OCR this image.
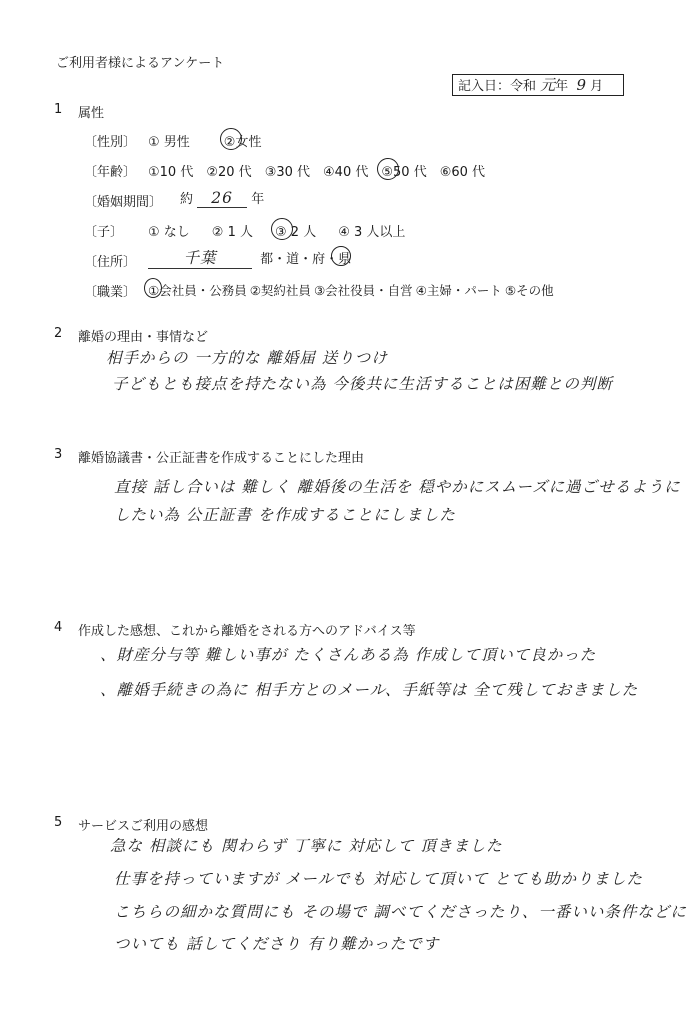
ご利用者様によるアンケート
記入日：令和 元年 9 月
1 属性
〔性別〕 ① 男性	②女性
〔年齢〕 ①10 代 ②20 代 ③30 代 ④40 代 ⑤50 代 ⑥60 代
〔婚姻期間〕 約 26 年
〔子〕 ① なし ② 1 人 ③ 2 人 ④ 3 人以上
〔住所〕	千葉	都・道・府・県
〔職業〕 ①会社員・公務員 ②契約社員 ③会社役員・自営 ④主婦・パート ⑤その他
2 離婚の理由・事情など
相手からの 一方的な 離婚届 送りつけ
子どもとも接点を持たない為 今後共に生活することは困難との判断
3 離婚協議書・公正証書を作成することにした理由
直接 話し合いは 難しく 離婚後の生活を 穏やかにスムーズに過ごせるように
したい為 公正証書 を作成することにしました
4 作成した感想、これから離婚をされる方へのアドバイス等
、財産分与等 難しい事が たくさんある為 作成して頂いて良かった
、離婚手続きの為に 相手方とのメール、手紙等は 全て残しておきました
5 サービスご利用の感想
急な 相談にも 関わらず 丁寧に 対応して 頂きました
仕事を持っていますが メールでも 対応して頂いて とても助かりました
こちらの細かな質問にも その場で 調べてくださったり、一番いい条件などに
ついても 話してくださり 有り難かったです
